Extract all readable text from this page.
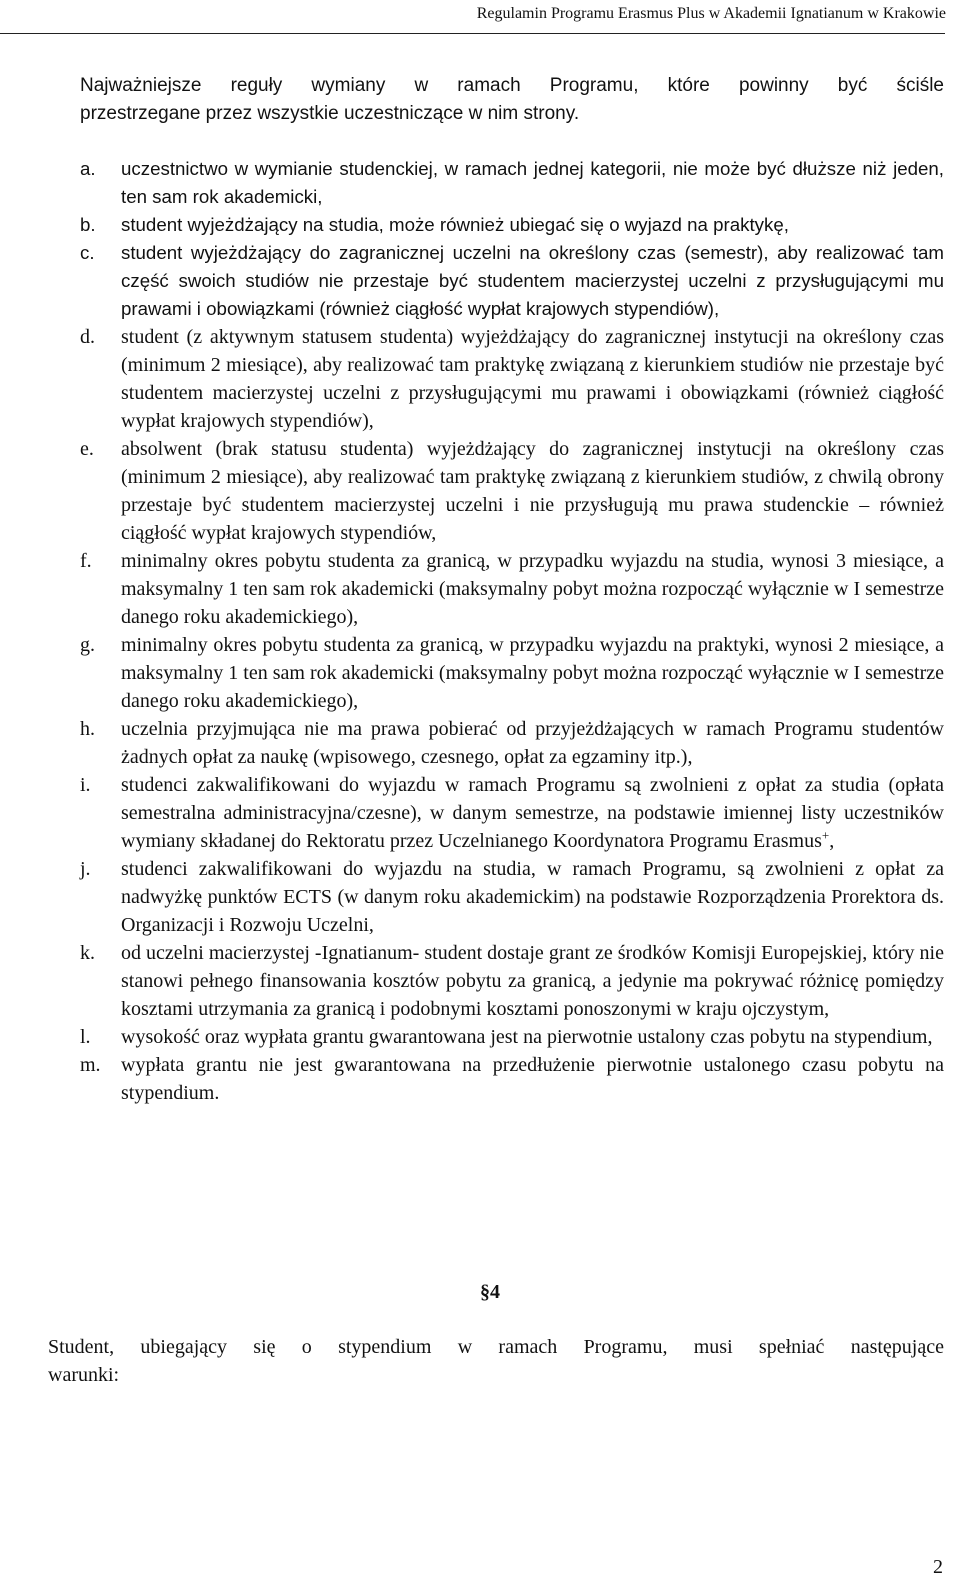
Regulamin Programu Erasmus Plus w Akademii Ignatianum w Krakowie
Najważniejsze reguły wymiany w ramach Programu, które powinny być ściśle
przestrzegane przez wszystkie uczestniczące w nim strony.
a. uczestnictwo w wymianie studenckiej, w ramach jednej kategorii, nie może być dłuższe niż jeden, ten sam rok akademicki,
b. student wyjeżdżający na studia, może również ubiegać się o wyjazd na praktykę,
c. student wyjeżdżający do zagranicznej uczelni na określony czas (semestr), aby realizować tam część swoich studiów nie przestaje być studentem macierzystej uczelni z przysługującymi mu prawami i obowiązkami (również ciągłość wypłat krajowych stypendiów),
d. student (z aktywnym statusem studenta) wyjeżdżający do zagranicznej instytucji na określony czas (minimum 2 miesiące), aby realizować tam praktykę związaną z kierunkiem studiów nie przestaje być studentem macierzystej uczelni z przysługującymi mu prawami i obowiązkami (również ciągłość wypłat krajowych stypendiów),
e. absolwent (brak statusu studenta) wyjeżdżający do zagranicznej instytucji na określony czas (minimum 2 miesiące), aby realizować tam praktykę związaną z kierunkiem studiów, z chwilą obrony przestaje być studentem macierzystej uczelni i nie przysługują mu prawa studenckie – również ciągłość wypłat krajowych stypendiów,
f. minimalny okres pobytu studenta za granicą, w przypadku wyjazdu na studia, wynosi 3 miesiące, a maksymalny 1 ten sam rok akademicki (maksymalny pobyt można rozpocząć wyłącznie w I semestrze danego roku akademickiego),
g. minimalny okres pobytu studenta za granicą, w przypadku wyjazdu na praktyki, wynosi 2 miesiące, a maksymalny 1 ten sam rok akademicki (maksymalny pobyt można rozpocząć wyłącznie w I semestrze danego roku akademickiego),
h. uczelnia przyjmująca nie ma prawa pobierać od przyjeżdżających w ramach Programu studentów żadnych opłat za naukę (wpisowego, czesnego, opłat za egzaminy itp.),
i. studenci zakwalifikowani do wyjazdu w ramach Programu są zwolnieni z opłat za studia (opłata semestralna administracyjna/czesne), w danym semestrze, na podstawie imiennej listy uczestników wymiany składanej do Rektoratu przez Uczelnianego Koordynatora Programu Erasmus+,
j. studenci zakwalifikowani do wyjazdu na studia, w ramach Programu, są zwolnieni z opłat za nadwyżkę punktów ECTS (w danym roku akademickim) na podstawie Rozporządzenia Prorektora ds. Organizacji i Rozwoju Uczelni,
k. od uczelni macierzystej -Ignatianum- student dostaje grant ze środków Komisji Europejskiej, który nie stanowi pełnego finansowania kosztów pobytu za granicą, a jedynie ma pokrywać różnicę pomiędzy kosztami utrzymania za granicą i podobnymi kosztami ponoszonymi w kraju ojczystym,
l. wysokość oraz wypłata grantu gwarantowana jest na pierwotnie ustalony czas pobytu na stypendium,
m. wypłata grantu nie jest gwarantowana na przedłużenie pierwotnie ustalonego czasu pobytu na stypendium.
§4
Student, ubiegający się o stypendium w ramach Programu, musi spełniać następujące
warunki:
2
